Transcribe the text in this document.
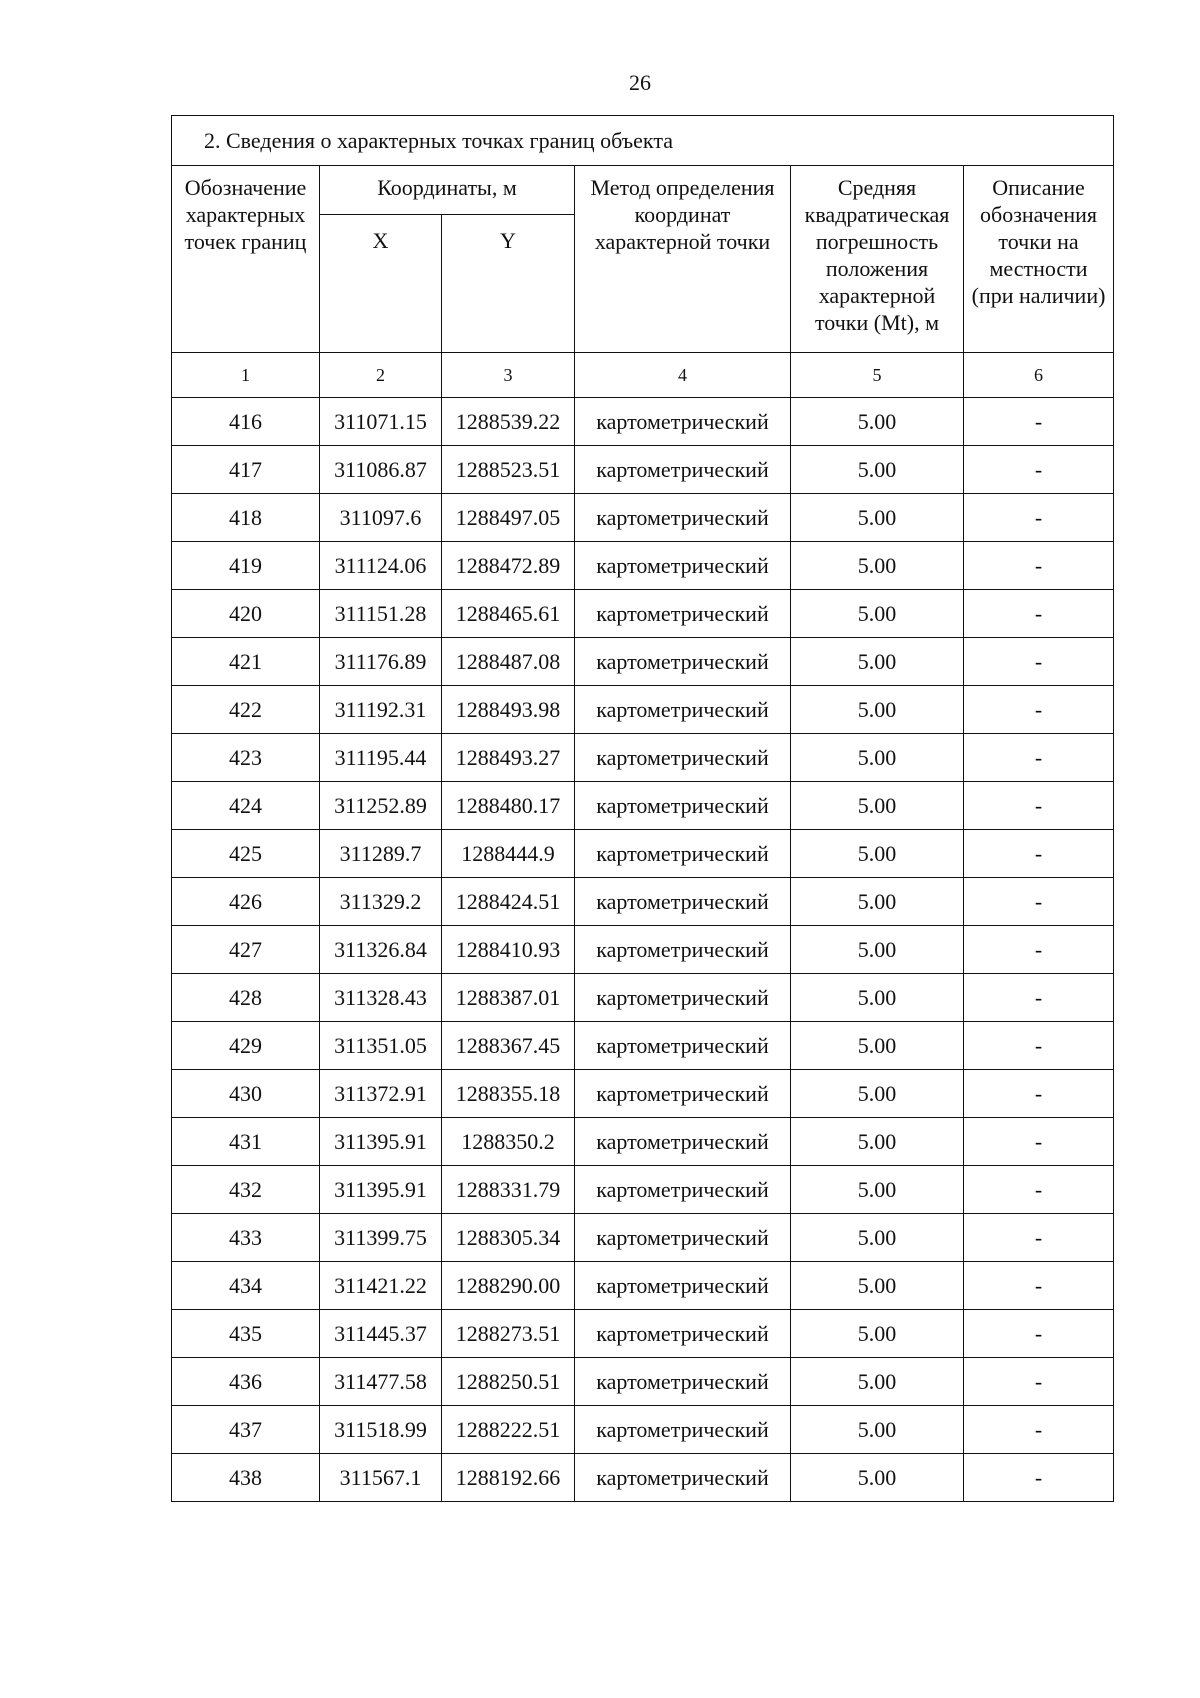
26
2. Сведения о характерных точках границ объекта					
Обозначение характерных точек границ	Координаты, м		Метод определения координат характерной точки	Средняя квадратическая погрешность положения характерной точки (Mt), м	Описание обозначения точки на местности (при наличии)
	X	Y			
1	2	3	4	5	6
416	311071.15	1288539.22	картометрический	5.00	-
417	311086.87	1288523.51	картометрический	5.00	-
418	311097.6	1288497.05	картометрический	5.00	-
419	311124.06	1288472.89	картометрический	5.00	-
420	311151.28	1288465.61	картометрический	5.00	-
421	311176.89	1288487.08	картометрический	5.00	-
422	311192.31	1288493.98	картометрический	5.00	-
423	311195.44	1288493.27	картометрический	5.00	-
424	311252.89	1288480.17	картометрический	5.00	-
425	311289.7	1288444.9	картометрический	5.00	-
426	311329.2	1288424.51	картометрический	5.00	-
427	311326.84	1288410.93	картометрический	5.00	-
428	311328.43	1288387.01	картометрический	5.00	-
429	311351.05	1288367.45	картометрический	5.00	-
430	311372.91	1288355.18	картометрический	5.00	-
431	311395.91	1288350.2	картометрический	5.00	-
432	311395.91	1288331.79	картометрический	5.00	-
433	311399.75	1288305.34	картометрический	5.00	-
434	311421.22	1288290.00	картометрический	5.00	-
435	311445.37	1288273.51	картометрический	5.00	-
436	311477.58	1288250.51	картометрический	5.00	-
437	311518.99	1288222.51	картометрический	5.00	-
438	311567.1	1288192.66	картометрический	5.00	-
